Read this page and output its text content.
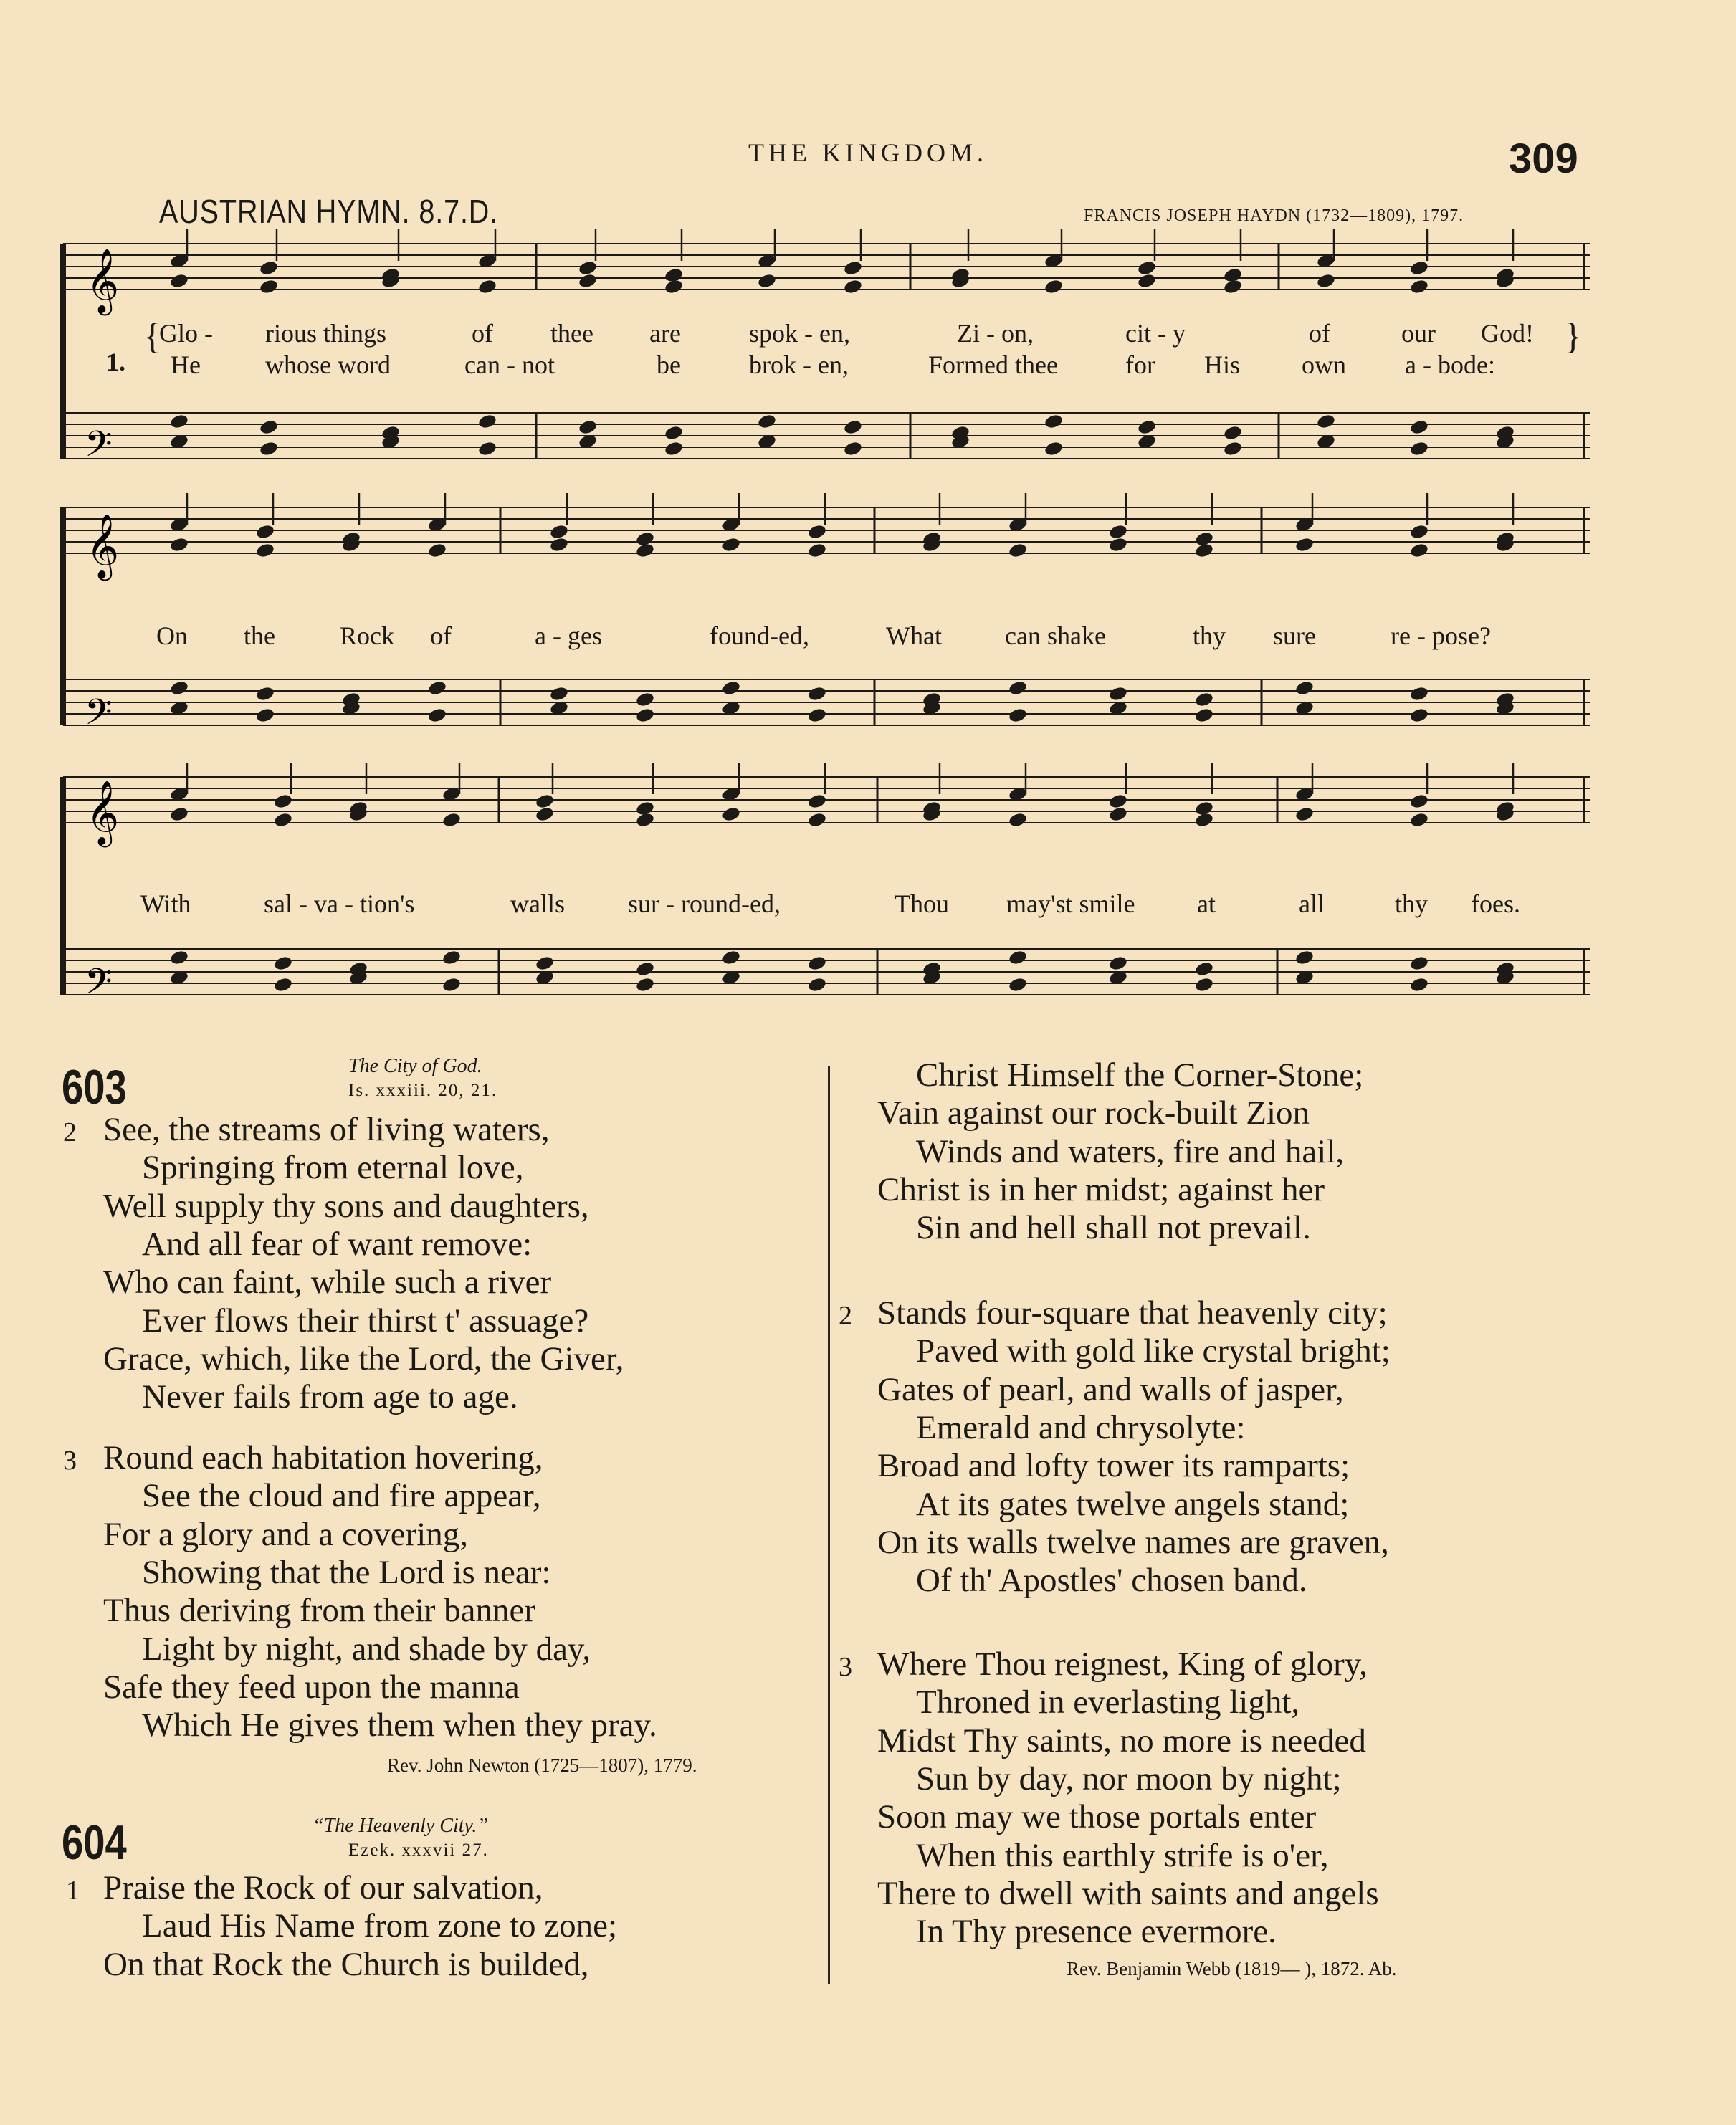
THE KINGDOM.	309
AUSTRIAN HYMN. 8.7.D.	FRANCIS JOSEPH HAYDN (1732—1809), 1797.
𝄞
𝄞
𝄞
𝄢
𝄢
𝄢
1.
{	}
Glo - rious things	of thee are	spok - en,	Zi - on,	cit - y	of	our God!
He	whose word	can - not	be	brok - en,	Formed thee	for His own a - bode:
On the	Rock of	a - ges	found-ed,	What can shake	thy sure	re - pose?
With	sal - va - tion's	walls sur - round-ed,	Thou may'st smile at	all	thy foes.
603	The City of God.
Is. xxxiii. 20, 21.
2 See, the streams of living waters,
Springing from eternal love,
Well supply thy sons and daughters,
And all fear of want remove:
Who can faint, while such a river
Ever flows their thirst t' assuage?
Grace, which, like the Lord, the Giver,
Never fails from age to age.
3 Round each habitation hovering,
See the cloud and fire appear,
For a glory and a covering,
Showing that the Lord is near:
Thus deriving from their banner
Light by night, and shade by day,
Safe they feed upon the manna
Which He gives them when they pray.
Rev. John Newton (1725—1807), 1779.
604	“The Heavenly City.”
Ezek. xxxvii 27.
1 Praise the Rock of our salvation,
Laud His Name from zone to zone;
On that Rock the Church is builded,
Christ Himself the Corner-Stone;
Vain against our rock-built Zion
Winds and waters, fire and hail,
Christ is in her midst; against her
Sin and hell shall not prevail.
2 Stands four-square that heavenly city;
Paved with gold like crystal bright;
Gates of pearl, and walls of jasper,
Emerald and chrysolyte:
Broad and lofty tower its ramparts;
At its gates twelve angels stand;
On its walls twelve names are graven,
Of th' Apostles' chosen band.
3 Where Thou reignest, King of glory,
Throned in everlasting light,
Midst Thy saints, no more is needed
Sun by day, nor moon by night;
Soon may we those portals enter
When this earthly strife is o'er,
There to dwell with saints and angels
In Thy presence evermore.
Rev. Benjamin Webb (1819— ), 1872. Ab.
